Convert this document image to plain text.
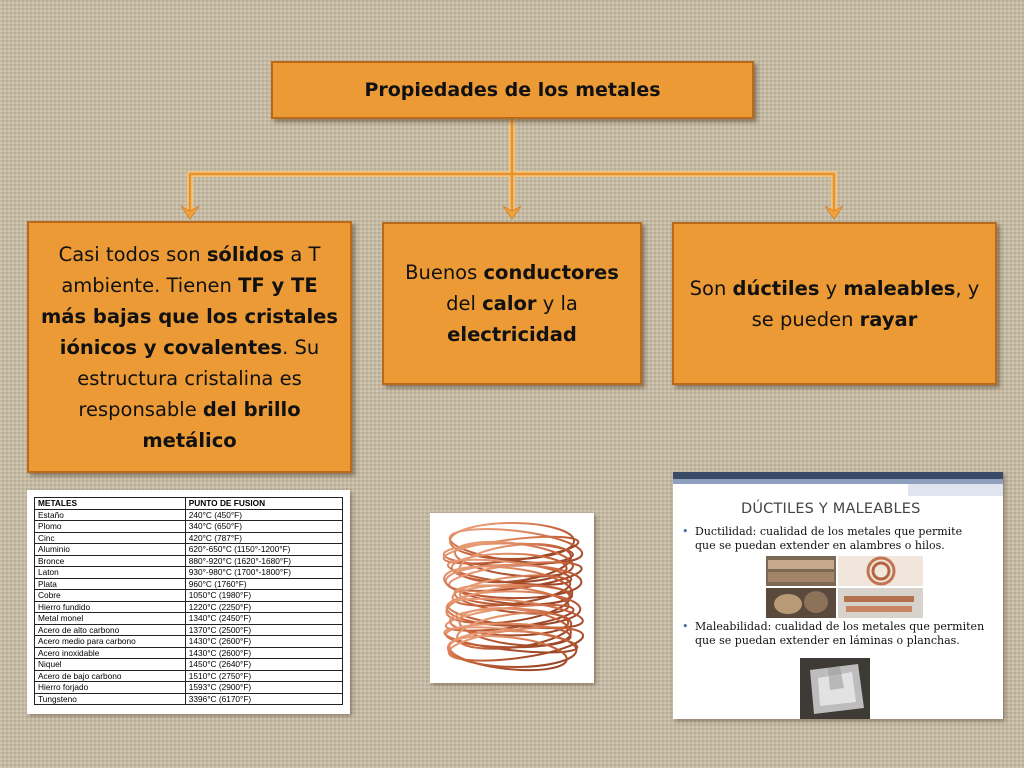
Propiedades de los metales

Casi todos son sólidos a T ambiente. Tienen TF y TE más bajas que los cristales iónicos y covalentes. Su estructura cristalina es responsable del brillo metálico

Buenos conductores del calor y la electricidad

Son dúctiles y maleables, y se pueden rayar

METALES	PUNTO DE FUSION
Estaño	240°C (450°F)
Plomo	340°C (650°F)
Cinc	420°C (787°F)
Aluminio	620°-650°C (1150°-1200°F)
Bronce	880°-920°C (1620°-1680°F)
Laton	930°-980°C (1700°-1800°F)
Plata	960°C (1760°F)
Cobre	1050°C (1980°F)
Hierro fundido	1220°C (2250°F)
Metal monel	1340°C (2450°F)
Acero de alto carbono	1370°C (2500°F)
Acero medio para carbono	1430°C (2600°F)
Acero inoxidable	1430°C (2600°F)
Niquel	1450°C (2640°F)
Acero de bajo carbono	1510°C (2750°F)
Hierro forjado	1593°C (2900°F)
Tungsteno	3396°C (6170°F)
DÚCTILES Y MALEABLES
• Ductilidad: cualidad de los metales que permite que se puedan extender en alambres o hilos.
• Maleabilidad: cualidad de los metales que permiten que se puedan extender en láminas o planchas.
